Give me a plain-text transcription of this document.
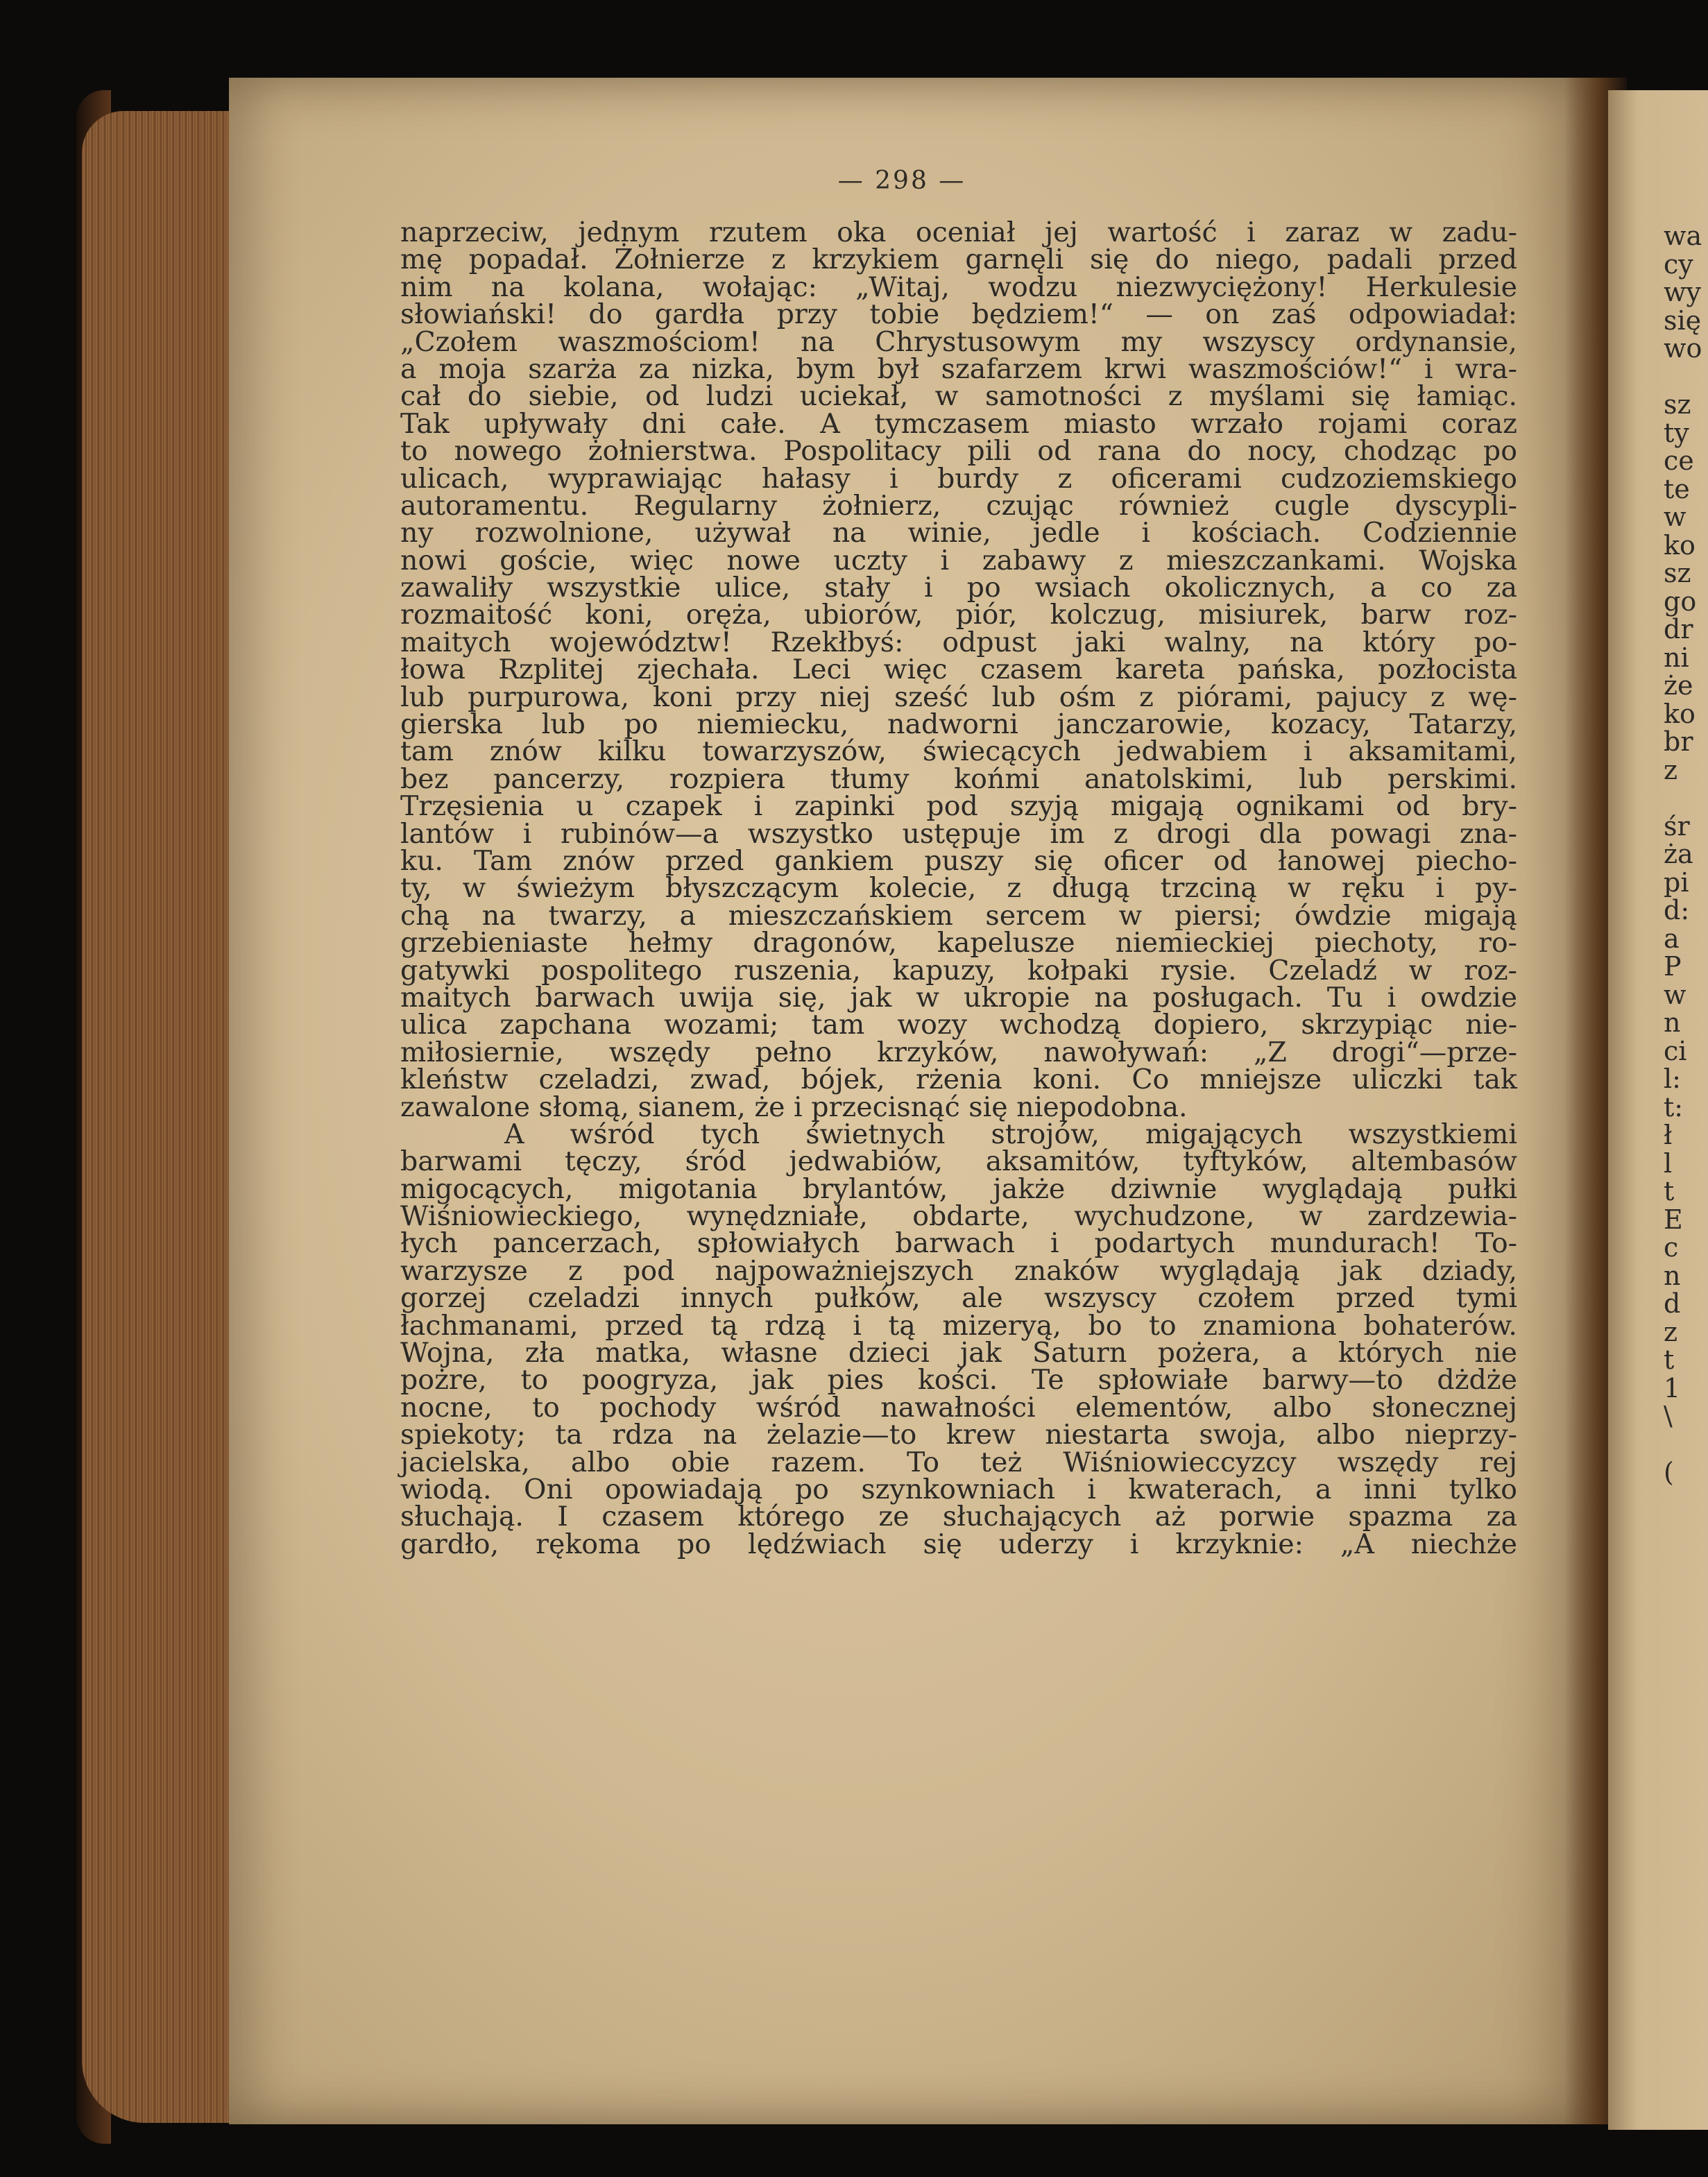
— 298 —
naprzeciw, jednym rzutem oka oceniał jej wartość i zaraz w zadu-
mę popadał. Żołnierze z krzykiem garnęli się do niego, padali przed
nim na kolana, wołając: „Witaj, wodzu niezwyciężony! Herkulesie
słowiański! do gardła przy tobie będziem!“ — on zaś odpowiadał:
„Czołem waszmościom! na Chrystusowym my wszyscy ordynansie,
a moja szarża za nizka, bym był szafarzem krwi waszmościów!“ i wra-
cał do siebie, od ludzi uciekał, w samotności z myślami się łamiąc.
Tak upływały dni całe. A tymczasem miasto wrzało rojami coraz
to nowego żołnierstwa. Pospolitacy pili od rana do nocy, chodząc po
ulicach, wyprawiając hałasy i burdy z oficerami cudzoziemskiego
autoramentu. Regularny żołnierz, czując również cugle dyscypli-
ny rozwolnione, używał na winie, jedle i kościach. Codziennie
nowi goście, więc nowe uczty i zabawy z mieszczankami. Wojska
zawaliły wszystkie ulice, stały i po wsiach okolicznych, a co za
rozmaitość koni, oręża, ubiorów, piór, kolczug, misiurek, barw roz-
maitych województw! Rzekłbyś: odpust jaki walny, na który po-
łowa Rzplitej zjechała. Leci więc czasem kareta pańska, pozłocista
lub purpurowa, koni przy niej sześć lub ośm z piórami, pajucy z wę-
gierska lub po niemiecku, nadworni janczarowie, kozacy, Tatarzy,
tam znów kilku towarzyszów, świecących jedwabiem i aksamitami,
bez pancerzy, rozpiera tłumy końmi anatolskimi, lub perskimi.
Trzęsienia u czapek i zapinki pod szyją migają ognikami od bry-
lantów i rubinów—a wszystko ustępuje im z drogi dla powagi zna-
ku. Tam znów przed gankiem puszy się oficer od łanowej piecho-
ty, w świeżym błyszczącym kolecie, z długą trzciną w ręku i py-
chą na twarzy, a mieszczańskiem sercem w piersi; ówdzie migają
grzebieniaste hełmy dragonów, kapelusze niemieckiej piechoty, ro-
gatywki pospolitego ruszenia, kapuzy, kołpaki rysie. Czeladź w roz-
maitych barwach uwija się, jak w ukropie na posługach. Tu i owdzie
ulica zapchana wozami; tam wozy wchodzą dopiero, skrzypiąc nie-
miłosiernie, wszędy pełno krzyków, nawoływań: „Z drogi“—prze-
kleństw czeladzi, zwad, bójek, rżenia koni. Co mniejsze uliczki tak
zawalone słomą, sianem, że i przecisnąć się niepodobna.
A wśród tych świetnych strojów, migających wszystkiemi
barwami tęczy, śród jedwabiów, aksamitów, tyftyków, altembasów
migocących, migotania brylantów, jakże dziwnie wyglądają pułki
Wiśniowieckiego, wynędzniałe, obdarte, wychudzone, w zardzewia-
łych pancerzach, spłowiałych barwach i podartych mundurach! To-
warzysze z pod najpoważniejszych znaków wyglądają jak dziady,
gorzej czeladzi innych pułków, ale wszyscy czołem przed tymi
łachmanami, przed tą rdzą i tą mizeryą, bo to znamiona bohaterów.
Wojna, zła matka, własne dzieci jak Saturn pożera, a których nie
pożre, to poogryza, jak pies kości. Te spłowiałe barwy—to dżdże
nocne, to pochody wśród nawałności elementów, albo słonecznej
spiekoty; ta rdza na żelazie—to krew niestarta swoja, albo nieprzy-
jacielska, albo obie razem. To też Wiśniowieccyzcy wszędy rej
wiodą. Oni opowiadają po szynkowniach i kwaterach, a inni tylko
słuchają. I czasem którego ze słuchających aż porwie spazma za
gardło, rękoma po lędźwiach się uderzy i krzyknie: „A niechże
wa
cy
wy
się
wo
sz
ty
ce
te
w
ko
sz
go
dr
ni
że
ko
br
z
śr
ża
pi
d:
a
P
w
n
ci
l:
t:
ł
l
t
E
c
n
d
z
t
1
\
(
